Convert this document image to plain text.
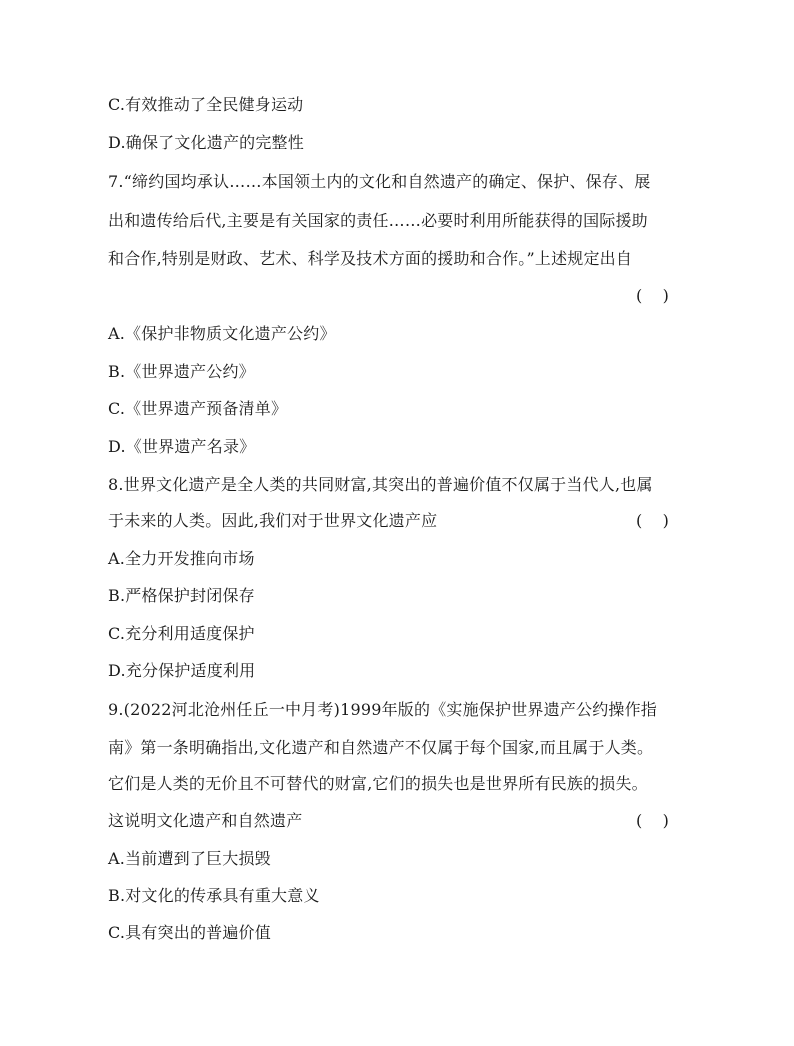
C.有效推动了全民健身运动
D.确保了文化遗产的完整性
7.“缔约国均承认……本国领土内的文化和自然遗产的确定、保护、保存、展
出和遗传给后代,主要是有关国家的责任……必要时利用所能获得的国际援助
和合作,特别是财政、艺术、科学及技术方面的援助和合作。”上述规定出自
(    )
A.《保护非物质文化遗产公约》
B.《世界遗产公约》
C.《世界遗产预备清单》
D.《世界遗产名录》
8.世界文化遗产是全人类的共同财富,其突出的普遍价值不仅属于当代人,也属
于未来的人类。因此,我们对于世界文化遗产应	(    )
A.全力开发推向市场
B.严格保护封闭保存
C.充分利用适度保护
D.充分保护适度利用
9.(2022河北沧州任丘一中月考)1999年版的《实施保护世界遗产公约操作指
南》第一条明确指出,文化遗产和自然遗产不仅属于每个国家,而且属于人类。
它们是人类的无价且不可替代的财富,它们的损失也是世界所有民族的损失。
这说明文化遗产和自然遗产	(    )
A.当前遭到了巨大损毁
B.对文化的传承具有重大意义
C.具有突出的普遍价值
